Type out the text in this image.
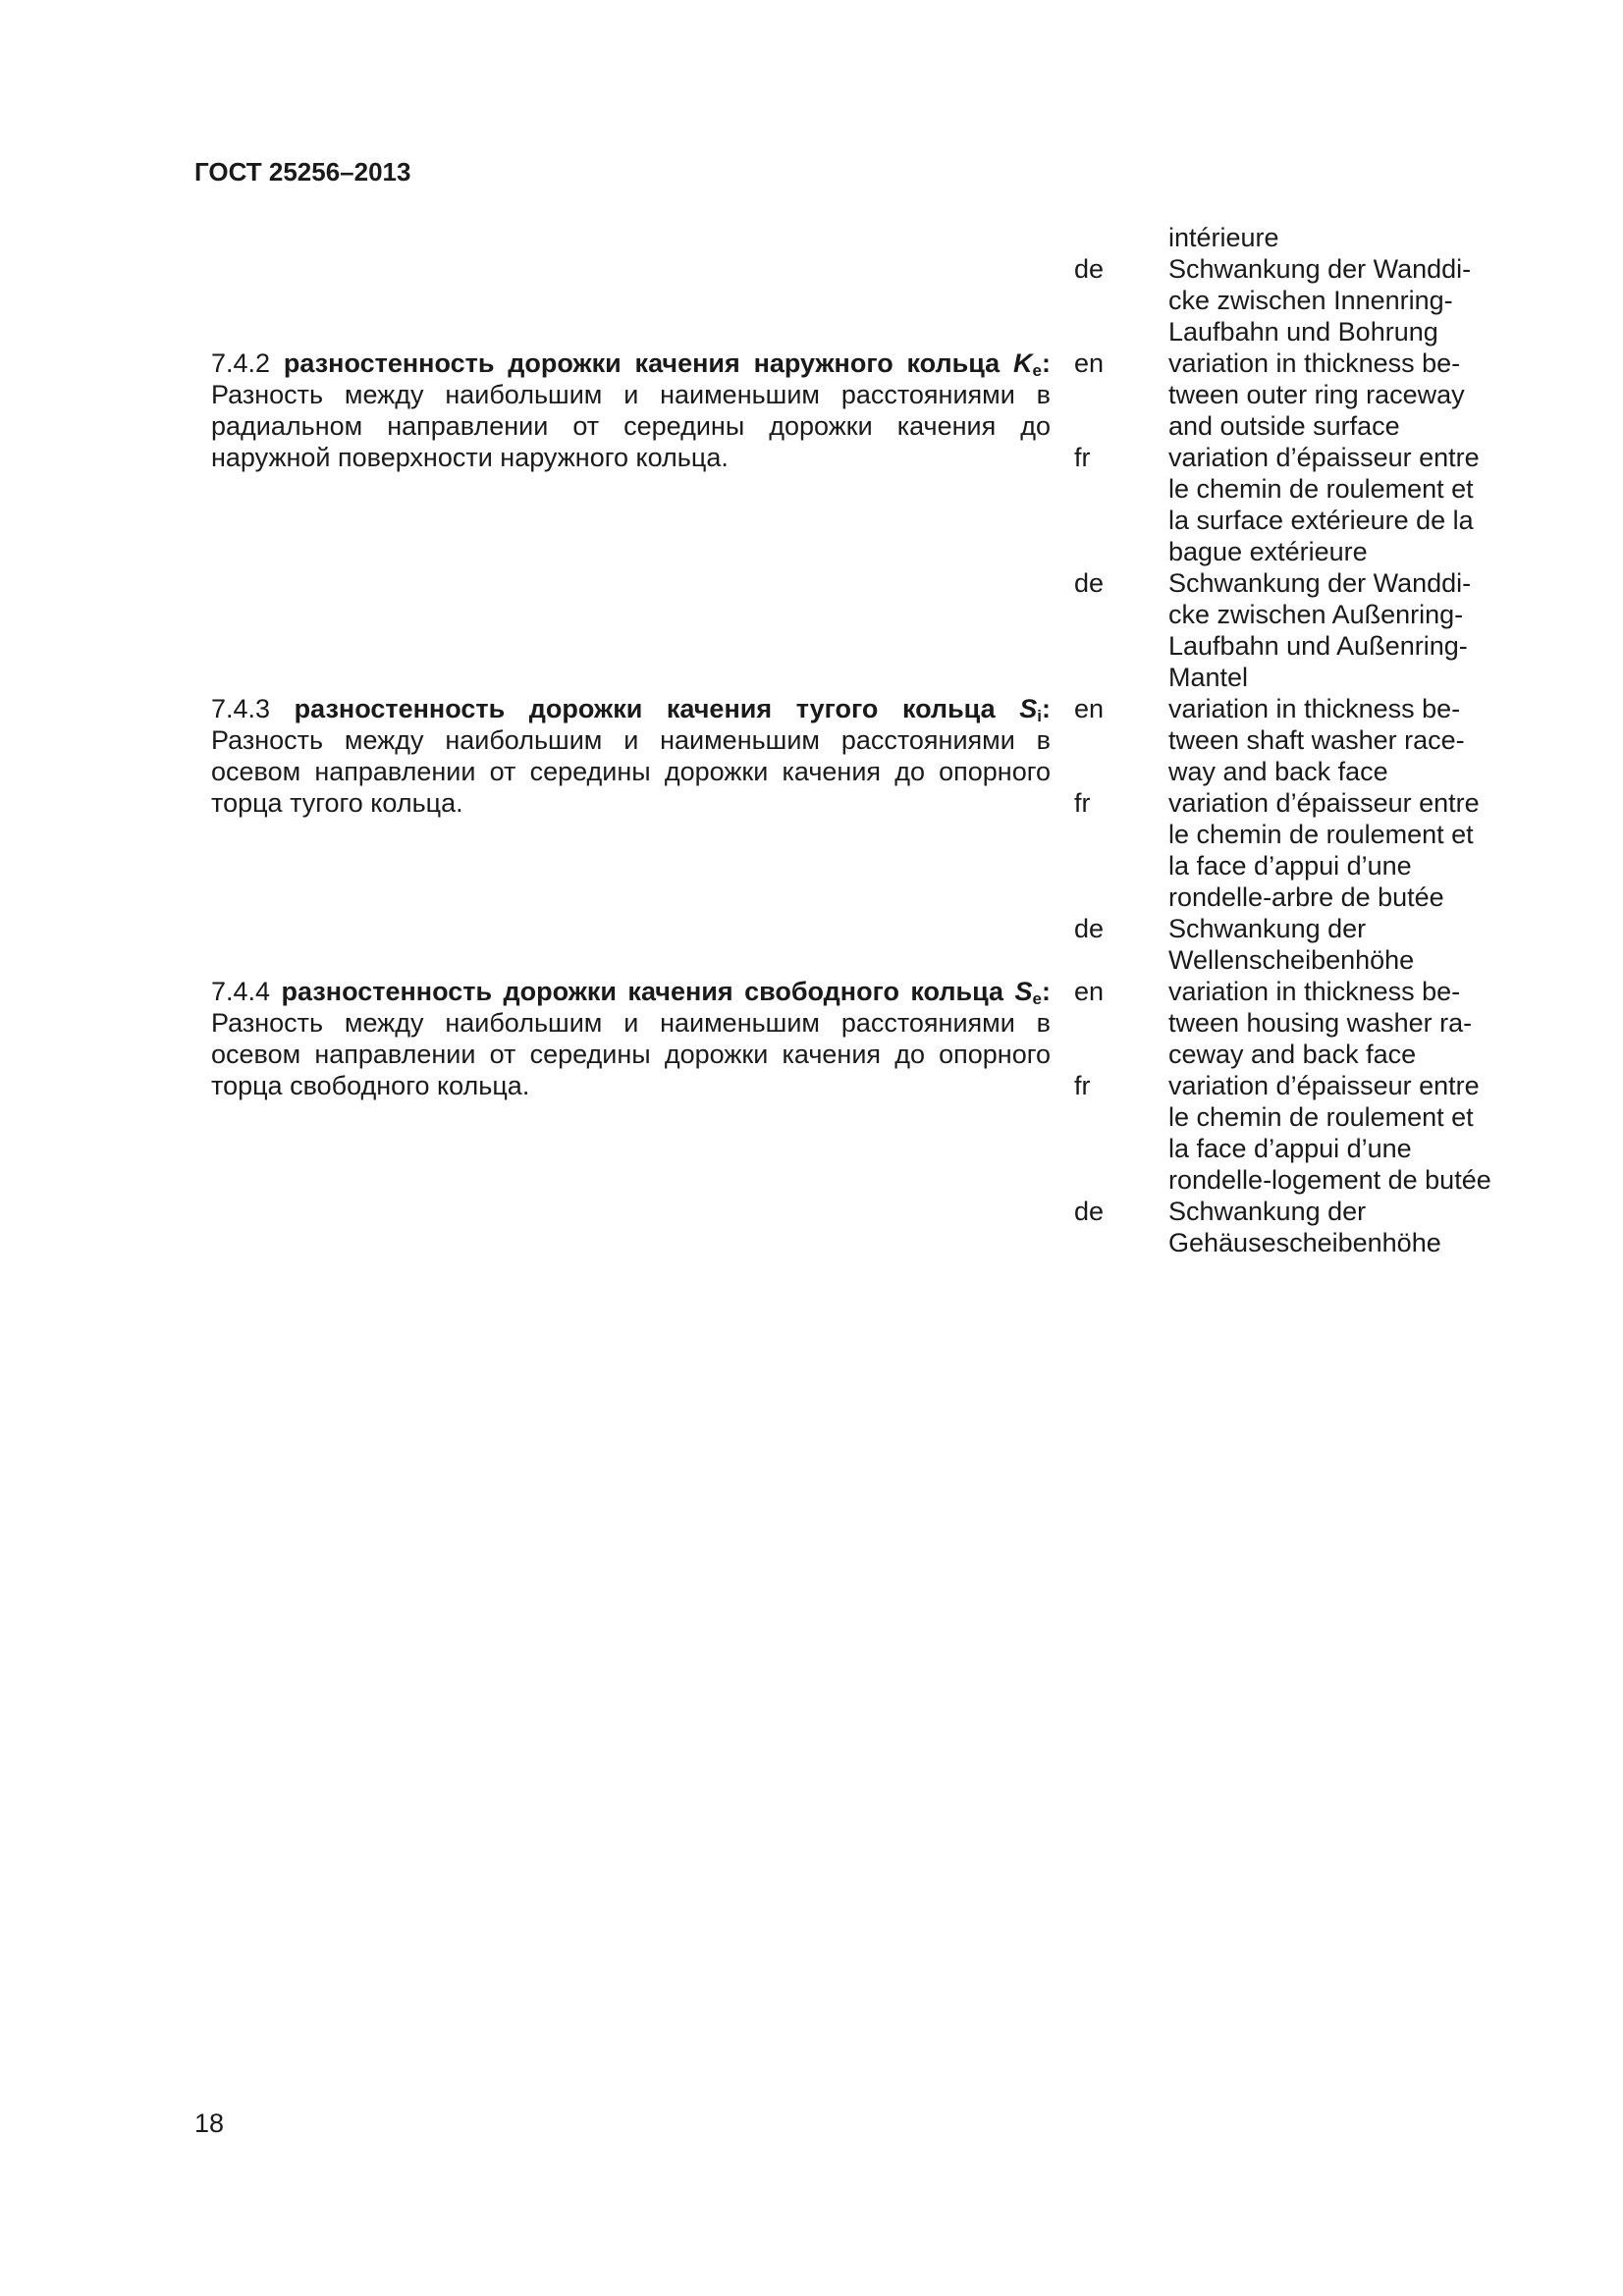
ГОСТ 25256–2013
7.4.2 разностенность дорожки качения наружного кольца $K_e$: Разность между наибольшим и наименьшим расстояниями в радиальном направлении от середины дорожки качения до наружной поверхности наружного кольца.
7.4.3 разностенность дорожки качения тугого кольца $S_i$: Разность между наибольшим и наименьшим расстояниями в осевом направлении от середины дорожки качения до опорного торца тугого кольца.
7.4.4 разностенность дорожки качения свободного кольца $S_e$: Разность между наибольшим и наименьшим расстояниями в осевом направлении от середины дорожки качения до опорного торца свободного кольца.
de
en
fr
de
en
fr
de
en
fr
de
intérieure
Schwankung der Wanddi-
cke zwischen Innenring-
Laufbahn und Bohrung
variation in thickness be-
tween outer ring raceway
and outside surface
variation d’épaisseur entre
le chemin de roulement et
la surface extérieure de la
bague extérieure
Schwankung der Wanddi-
cke zwischen Außenring-
Laufbahn und Außenring-
Mantel
variation in thickness be-
tween shaft washer race-
way and back face
variation d’épaisseur entre
le chemin de roulement et
la face d’appui d’une
rondelle-arbre de butée
Schwankung der
Wellenscheibenhöhe
variation in thickness be-
tween housing washer ra-
ceway and back face
variation d’épaisseur entre
le chemin de roulement et
la face d’appui d’une
rondelle-logement de butée
Schwankung der
Gehäusescheibenhöhe
18
